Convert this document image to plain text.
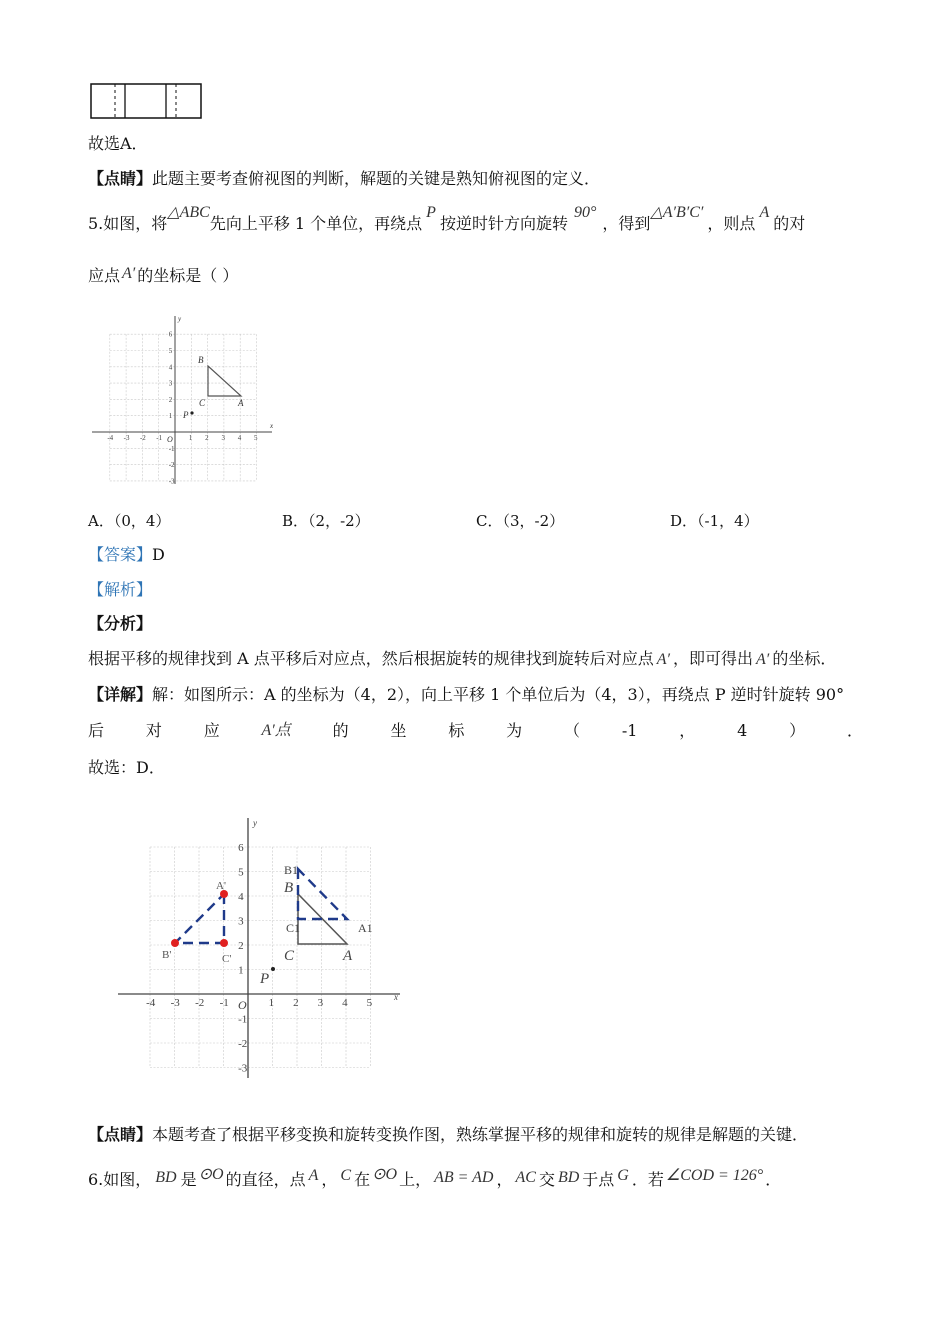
故选A．
【点睛】此题主要考查俯视图的判断，解题的关键是熟知俯视图的定义．
5.如图，将△ABC先向上平移 1 个单位，再绕点P按逆时针方向旋转90°，得到△A′B′C′，则点A的对
应点 A′ 的坐标是（ ）
A
B
C
P
O
x
y
-4 -3 -2 -1	1 2 3 4 5
6
5
4
3
2
1
-1
-2
-3
A．（0，4）	B．（2，-2）	C．（3，-2）	D．（-1，4）
【答案】D
【解析】
【分析】
根据平移的规律找到 A 点平移后对应点，然后根据旋转的规律找到旋转后对应点 A′ ，即可得出 A′ 的坐标．
【详解】解：如图所示：A 的坐标为（4，2），向上平移 1 个单位后为（4，3），再绕点 P 逆时针旋转 90°
后	对	应	A′点	的	坐	标	为	（	-1	，	4	）	．
故选：D．
A
B
C
P
A1
B1
C1
A'
B'	C'
O
x
y
-4 -3 -2 -1	1 2 3 4 5
6
5
4
3
2
1
-1
-2
-3
【点睛】本题考查了根据平移变换和旋转变换作图，熟练掌握平移的规律和旋转的规律是解题的关键．
6.如图， BD 是 ⊙O 的直径，点 A ， C 在 ⊙O 上， AB = AD ， AC 交 BD 于点 G ．若 ∠COD = 126° ．
